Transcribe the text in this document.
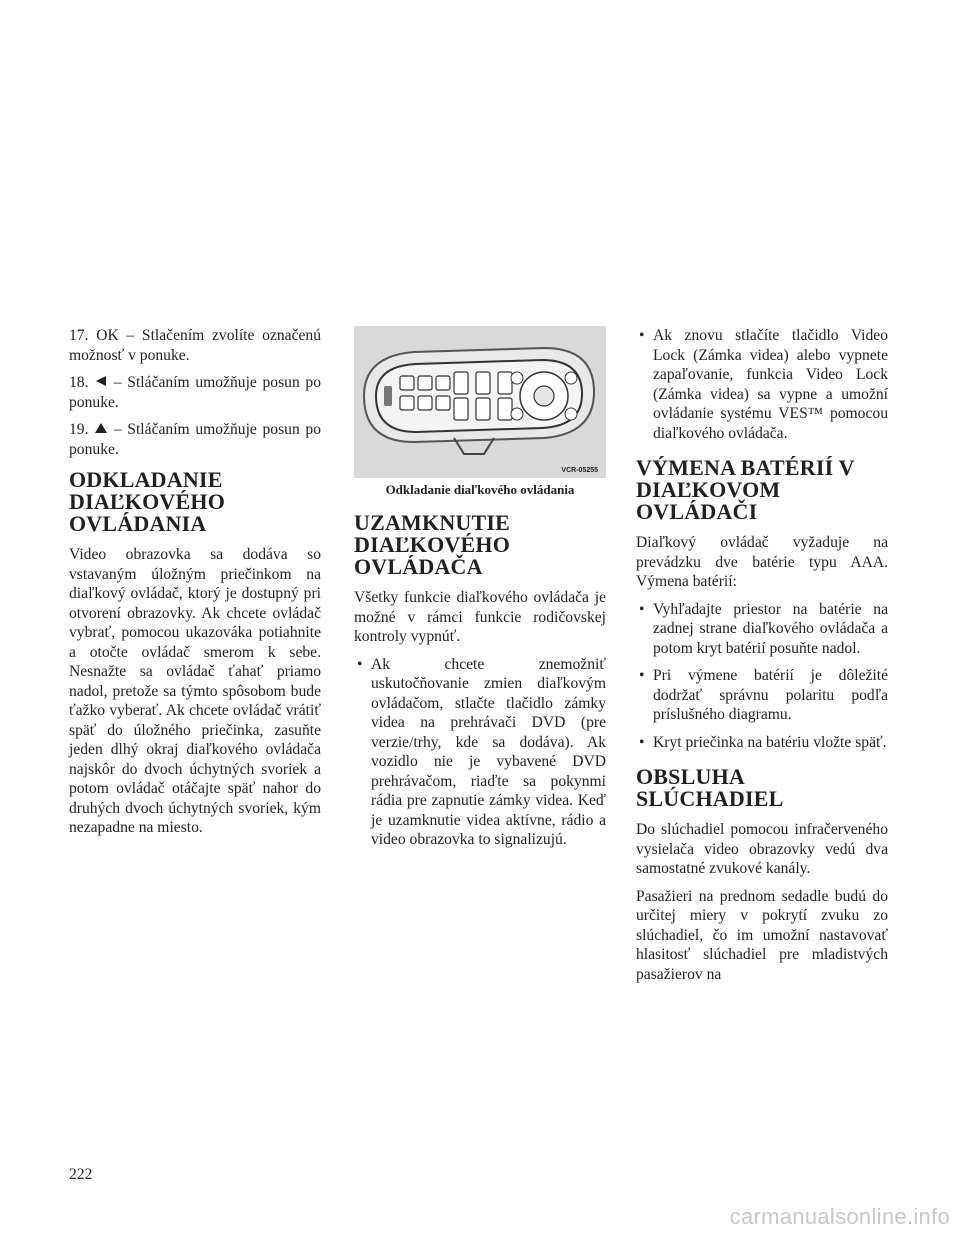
17. OK – Stlačením zvolíte označenú možnosť v ponuke.

18. – Stláčaním umožňuje posun po ponuke.

19. – Stláčaním umožňuje posun po ponuke.

ODKLADANIE DIAĽKOVÉHO OVLÁDANIA

Video obrazovka sa dodáva so vstavaným úložným priečinkom na diaľkový ovládač, ktorý je dostupný pri otvorení obrazovky. Ak chcete ovládač vybrať, pomocou ukazováka potiahnite a otočte ovládač smerom k sebe. Nesnažte sa ovládač ťahať priamo nadol, pretože sa týmto spôsobom bude ťažko vyberať. Ak chcete ovládač vrátiť späť do úložného priečinka, zasuňte jeden dlhý okraj diaľkového ovládača najskôr do dvoch úchytných svoriek a potom ovládač otáčajte späť nahor do druhých dvoch úchytných svoriek, kým nezapadne na miesto.

VCR-05255
Odkladanie diaľkového ovládania
UZAMKNUTIE DIAĽKOVÉHO OVLÁDAČA

Všetky funkcie diaľkového ovládača je možné v rámci funkcie rodičovskej kontroly vypnúť.

• Ak chcete znemožniť uskutočňovanie zmien diaľkovým ovládačom, stlačte tlačidlo zámky videa na prehrávači DVD (pre verzie/trhy, kde sa dodáva). Ak vozidlo nie je vybavené DVD prehrávačom, riaďte sa pokynmi rádia pre zapnutie zámky videa. Keď je uzamknutie videa aktívne, rádio a video obrazovka to signalizujú.

• Ak znovu stlačíte tlačidlo Video Lock (Zámka videa) alebo vypnete zapaľovanie, funkcia Video Lock (Zámka videa) sa vypne a umožní ovládanie systému VES™ pomocou diaľkového ovládača.

VÝMENA BATÉRIÍ V DIAĽKOVOM OVLÁDAČI

Diaľkový ovládač vyžaduje na prevádzku dve batérie typu AAA. Výmena batérií:

• Vyhľadajte priestor na batérie na zadnej strane diaľkového ovládača a potom kryt batérií posuňte nadol.

• Pri výmene batérií je dôležité dodržať správnu polaritu podľa príslušného diagramu.

• Kryt priečinka na batériu vložte späť.

OBSLUHA SLÚCHADIEL

Do slúchadiel pomocou infračerveného vysielača video obrazovky vedú dva samostatné zvukové kanály.

Pasažieri na prednom sedadle budú do určitej miery v pokrytí zvuku zo slúchadiel, čo im umožní nastavovať hlasitosť slúchadiel pre mladistvých pasažierov na

222
carmanualsonline.info
